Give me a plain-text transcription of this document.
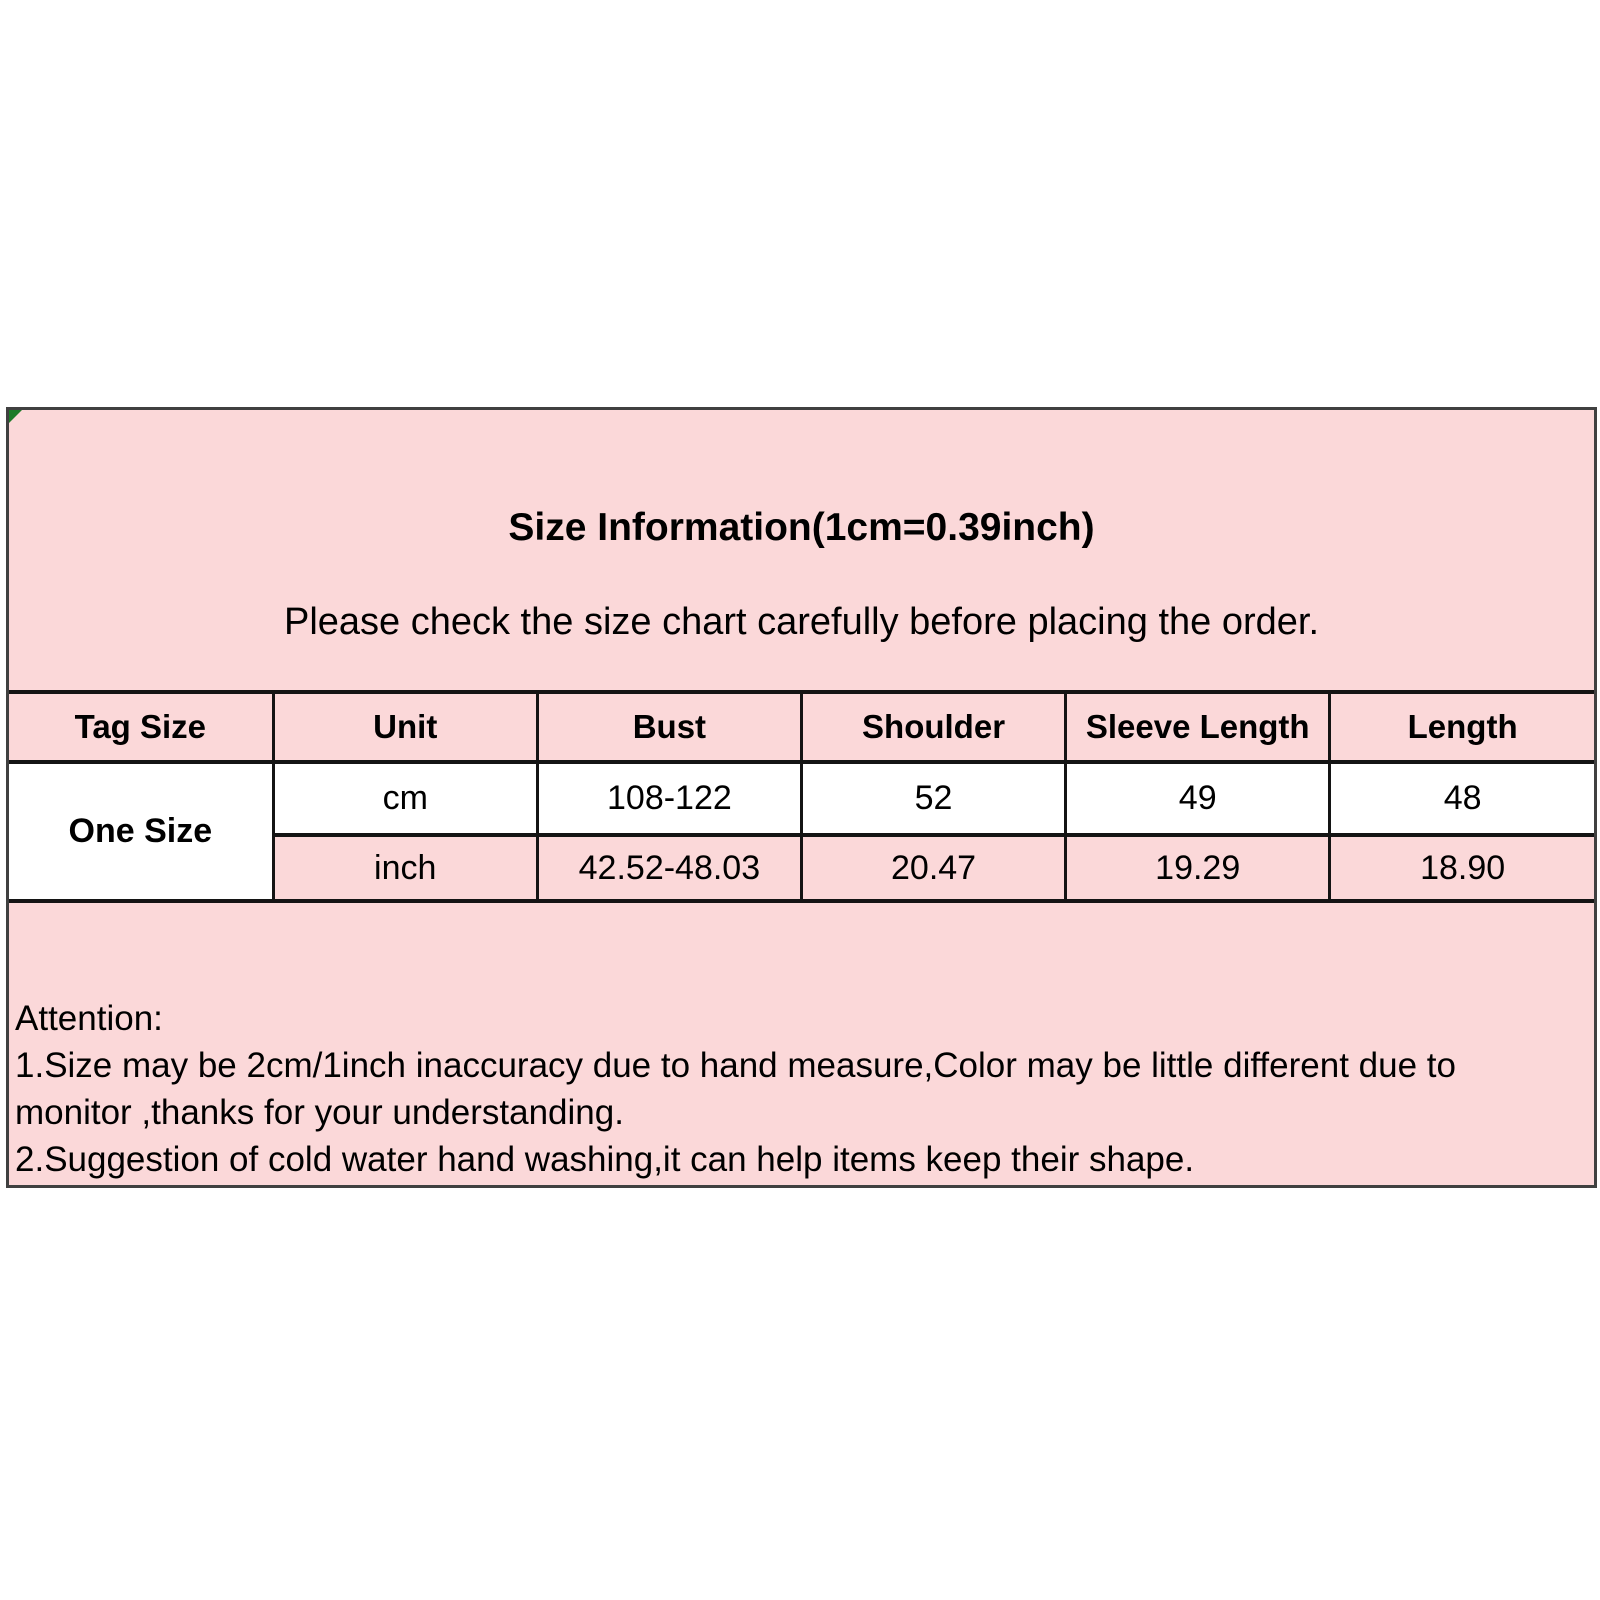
Size Information(1cm=0.39inch)
Please check the size chart carefully before placing the order.
Tag Size	Unit	Bust	Shoulder	Sleeve Length	Length
One Size	cm	108-122	52	49	48
	inch	42.52-48.03	20.47	19.29	18.90
Attention:
1.Size may be 2cm/1inch inaccuracy due to hand measure,Color may be little different due to
monitor ,thanks for your understanding.
2.Suggestion of cold water hand washing,it can help items keep their shape.
